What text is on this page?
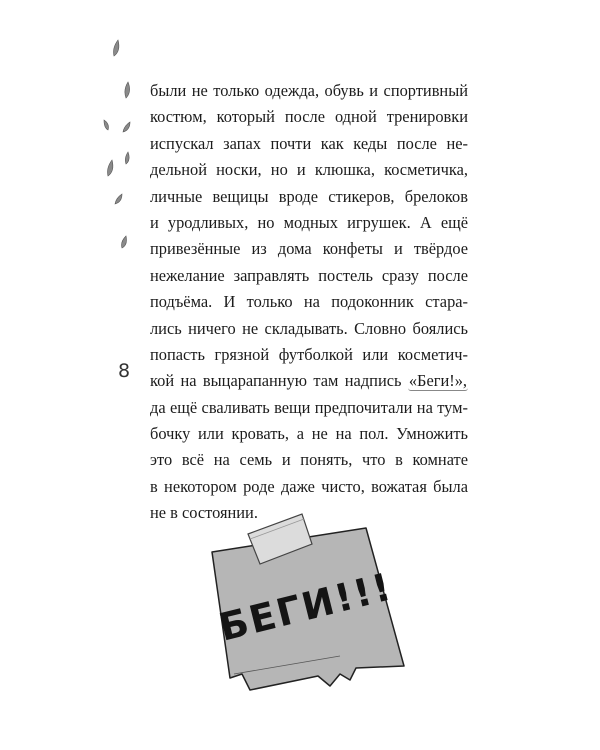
были не только одежда, обувь и спортивный
костюм, который после одной тренировки
испускал запах почти как кеды после не-
дельной носки, но и клюшка, косметичка,
личные вещицы вроде стикеров, брелоков
и уродливых, но модных игрушек. А ещё
привезённые из дома конфеты и твёрдое
нежелание заправлять постель сразу после
подъёма. И только на подоконник стара-
лись ничего не складывать. Словно боялись
попасть грязной футболкой или косметич-
кой на выцарапанную там надпись «Беги!»,
да ещё сваливать вещи предпочитали на тум-
бочку или кровать, а не на пол. Умножить
это всё на семь и понять, что в комнате
в некотором роде даже чисто, вожатая была
не в состоянии.
8
БЕГИ!!!
